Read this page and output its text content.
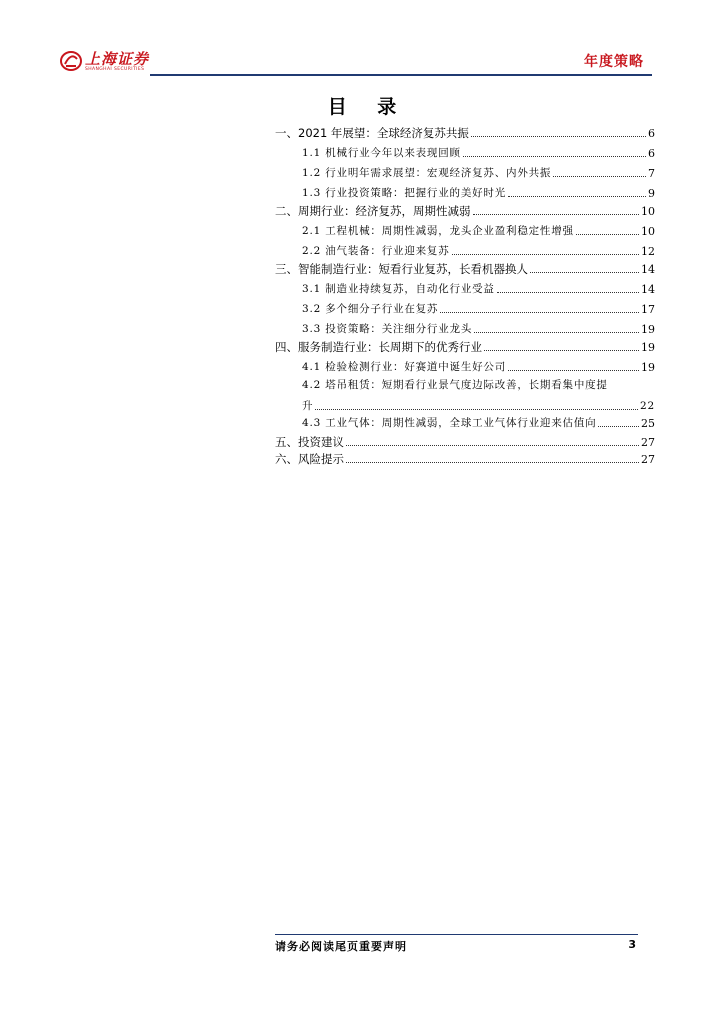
上海证券
SHANGHAI SECURITIES	年度策略
目 录
一、2021 年展望：全球经济复苏共振	6
1.1 机械行业今年以来表现回顾	6
1.2 行业明年需求展望：宏观经济复苏、内外共振	7
1.3 行业投资策略：把握行业的美好时光	9
二、周期行业：经济复苏，周期性减弱	10
2.1 工程机械：周期性减弱，龙头企业盈利稳定性增强	10
2.2 油气装备：行业迎来复苏	12
三、智能制造行业：短看行业复苏，长看机器换人	14
3.1 制造业持续复苏，自动化行业受益	14
3.2 多个细分子行业在复苏	17
3.3 投资策略：关注细分行业龙头	19
四、服务制造行业：长周期下的优秀行业	19
4.1 检验检测行业：好赛道中诞生好公司	19
4.2 塔吊租赁：短期看行业景气度边际改善，长期看集中度提
升	22
4.3 工业气体：周期性减弱，全球工业气体行业迎来估值向	25
五、投资建议	27
六、风险提示	27
请务必阅读尾页重要声明	3
